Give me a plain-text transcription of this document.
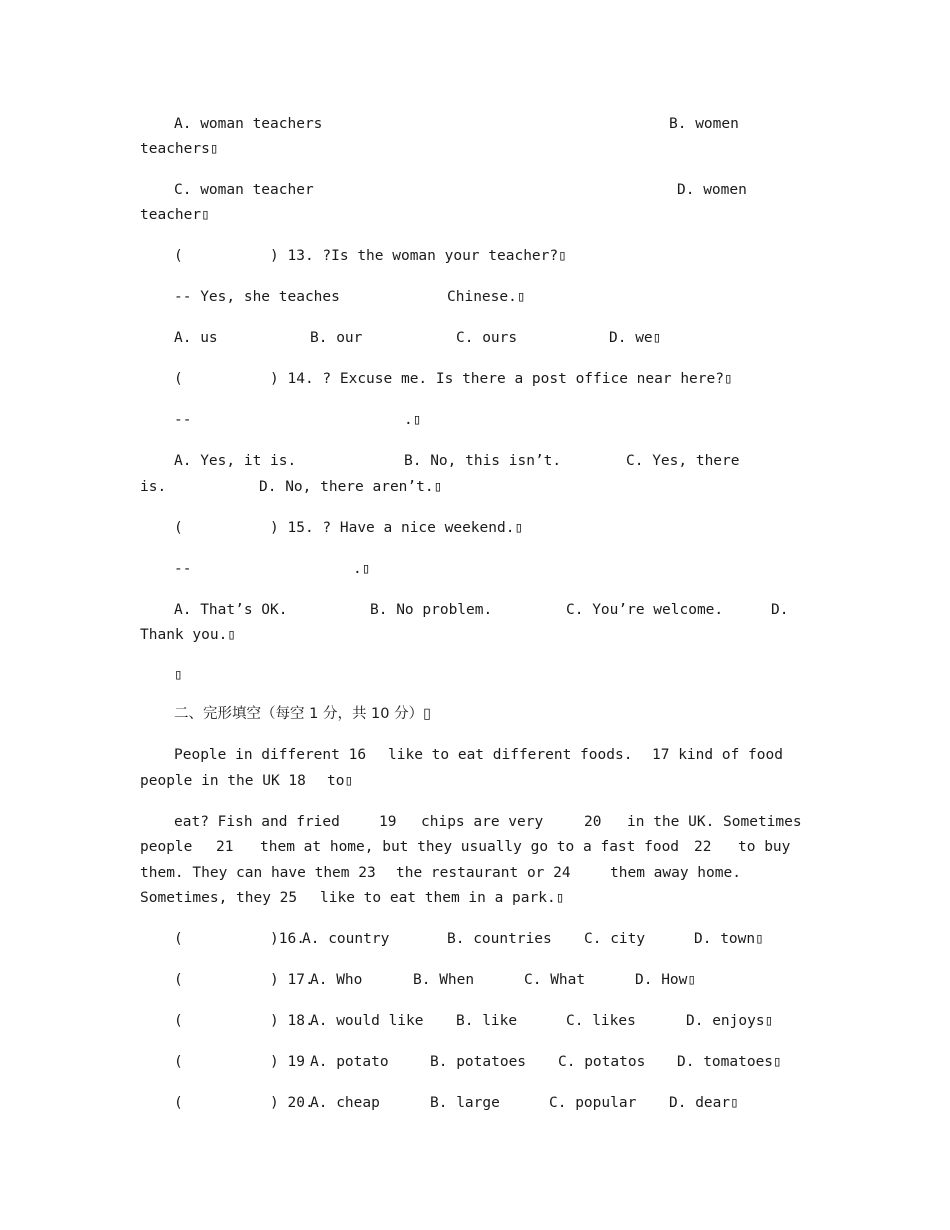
A. woman teachers	B. women
teachers▯
C. woman teacher	D. women
teacher▯
(          ) 13. ?Is the woman your teacher?▯
-- Yes, she teaches	Chinese.▯
A. us	B. our	C. ours	D. we▯
(          ) 14. ? Excuse me. Is there a post office near here?▯
--	.▯
A. Yes, it is.	B. No, this isn’t.	C. Yes, there
is.	D. No, there aren’t.▯
(          ) 15. ? Have a nice weekend.▯
--	.▯
A. That’s OK.	B. No problem.	C. You’re welcome.	D.
Thank you.▯
▯
二、完形填空（每空 1 分，共 10 分）▯
People in different 16 like to eat different foods. 17 kind of food
people in the UK 18 to▯
eat? Fish and fried	19 chips are very	20 in the UK. Sometimes
people 21 them at home, but they usually go to a fast food 22 to buy
them. They can have them 23 the restaurant or 24	them away home.
Sometimes, they 25 like to eat them in a park.▯
(          )16.
A. country	B. countries C. city	D. town▯
(          ) 17.
A. Who	B. When	C. What	D. How▯
(          ) 18.
A. would like B. like	C. likes	D. enjoys▯
(          ) 19 A. potato	B. potatoes C. potatos D. tomatoes▯
(          ) 20.
A. cheap	B. large	C. popular D. dear▯
